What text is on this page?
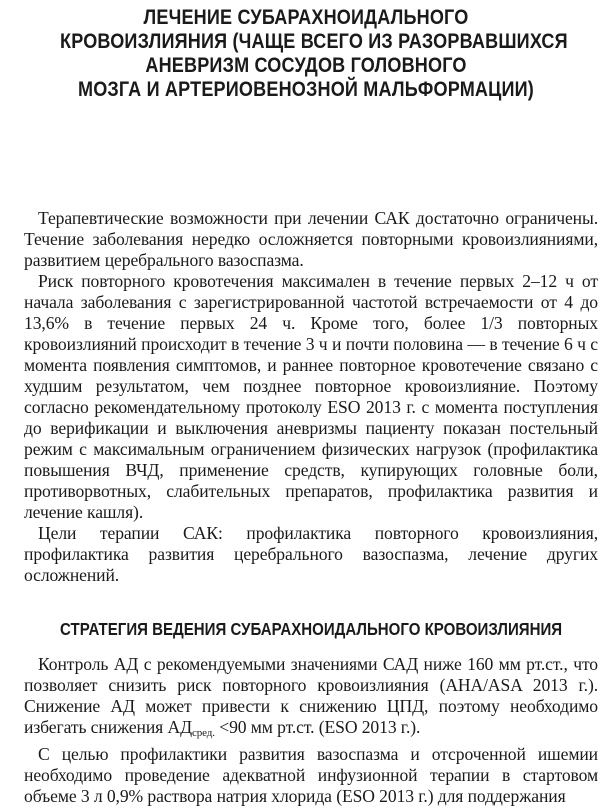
ЛЕЧЕНИЕ СУБАРАХНОИДАЛЬНОГО
КРОВОИЗЛИЯНИЯ (ЧАЩЕ ВСЕГО ИЗ РАЗОРВАВШИХСЯ
АНЕВРИЗМ СОСУДОВ ГОЛОВНОГО
МОЗГА И АРТЕРИОВЕНОЗНОЙ МАЛЬФОРМАЦИИ)

Терапевтические возможности при лечении САК достаточно ограничены. Течение заболевания нередко осложняется повторными кровоизлияниями, развитием церебрального вазоспазма.

Риск повторного кровотечения максимален в течение первых 2–12 ч от начала заболевания с зарегистрированной частотой встречаемости от 4 до 13,6% в течение первых 24 ч. Кроме того, более 1/3 повторных кровоизлияний происходит в течение 3 ч и почти половина — в течение 6 ч с момента появления симптомов, и раннее повторное кровотечение связано с худшим результатом, чем позднее повторное кровоизлияние. Поэтому согласно рекомендательному протоколу ESO 2013 г. с момента поступления до верификации и выключения аневризмы пациенту показан постельный режим с максимальным ограничением физических нагрузок (профилактика повышения ВЧД, применение средств, купирующих головные боли, противорвотных, слабительных препаратов, профилактика развития и лечение кашля).

Цели терапии САК: профилактика повторного кровоизлияния, профилактика развития церебрального вазоспазма, лечение других осложнений.

СТРАТЕГИЯ ВЕДЕНИЯ СУБАРАХНОИДАЛЬНОГО КРОВОИЗЛИЯНИЯ

Контроль АД с рекомендуемыми значениями САД ниже 160 мм рт.ст., что позволяет снизить риск повторного кровоизлияния (AHA/ASA 2013 г.). Снижение АД может привести к снижению ЦПД, поэтому необходимо избегать снижения $АД_{сред.} <90$ мм рт.ст. (ESO 2013 г.).

С целью профилактики развития вазоспазма и отсроченной ишемии необходимо проведение адекватной инфузионной терапии в стартовом объеме 3 л 0,9% раствора натрия хлорида (ESO 2013 г.) для поддержания
